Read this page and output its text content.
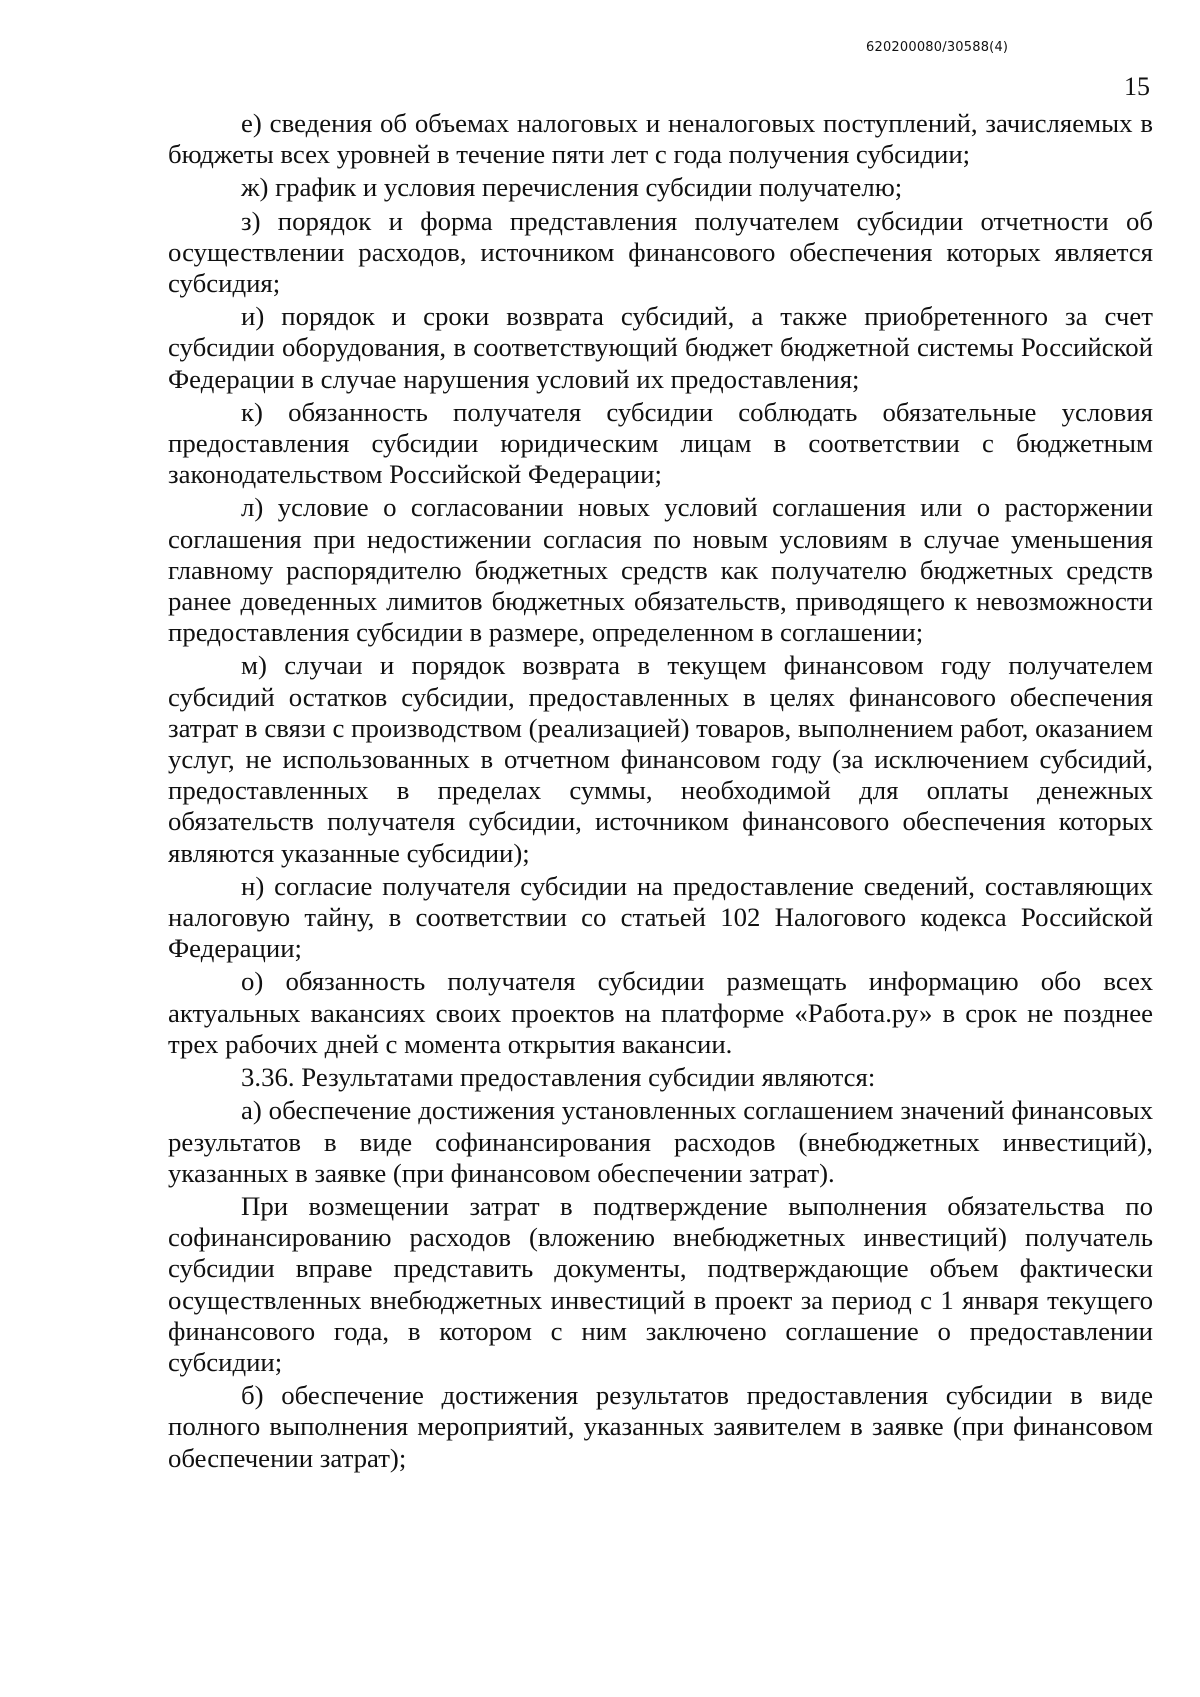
620200080/30588(4)
15

е) сведения об объемах налоговых и неналоговых поступлений, зачисляемых в бюджеты всех уровней в течение пяти лет с года получения субсидии;

ж) график и условия перечисления субсидии получателю;

з) порядок и форма представления получателем субсидии отчетности об осуществлении расходов, источником финансового обеспечения которых является субсидия;

и) порядок и сроки возврата субсидий, а также приобретенного за счет субсидии оборудования, в соответствующий бюджет бюджетной системы Российской Федерации в случае нарушения условий их предоставления;

к) обязанность получателя субсидии соблюдать обязательные условия предоставления субсидии юридическим лицам в соответствии с бюджетным законодательством Российской Федерации;

л) условие о согласовании новых условий соглашения или о расторжении соглашения при недостижении согласия по новым условиям в случае уменьшения главному распорядителю бюджетных средств как получателю бюджетных средств ранее доведенных лимитов бюджетных обязательств, приводящего к невозможности предоставления субсидии в размере, определенном в соглашении;

м) случаи и порядок возврата в текущем финансовом году получателем субсидий остатков субсидии, предоставленных в целях финансового обеспечения затрат в связи с производством (реализацией) товаров, выполнением работ, оказанием услуг, не использованных в отчетном финансовом году (за исключением субсидий, предоставленных в пределах суммы, необходимой для оплаты денежных обязательств получателя субсидии, источником финансового обеспечения которых являются указанные субсидии);

н) согласие получателя субсидии на предоставление сведений, составляющих налоговую тайну, в соответствии со статьей 102 Налогового кодекса Российской Федерации;

о) обязанность получателя субсидии размещать информацию обо всех актуальных вакансиях своих проектов на платформе «Работа.ру» в срок не позднее трех рабочих дней с момента открытия вакансии.

3.36. Результатами предоставления субсидии являются:

а) обеспечение достижения установленных соглашением значений финансовых результатов в виде софинансирования расходов (внебюджетных инвестиций), указанных в заявке (при финансовом обеспечении затрат).

При возмещении затрат в подтверждение выполнения обязательства по софинансированию расходов (вложению внебюджетных инвестиций) получатель субсидии вправе представить документы, подтверждающие объем фактически осуществленных внебюджетных инвестиций в проект за период с 1 января текущего финансового года, в котором с ним заключено соглашение о предоставлении субсидии;

б) обеспечение достижения результатов предоставления субсидии в виде полного выполнения мероприятий, указанных заявителем в заявке (при финансовом обеспечении затрат);
